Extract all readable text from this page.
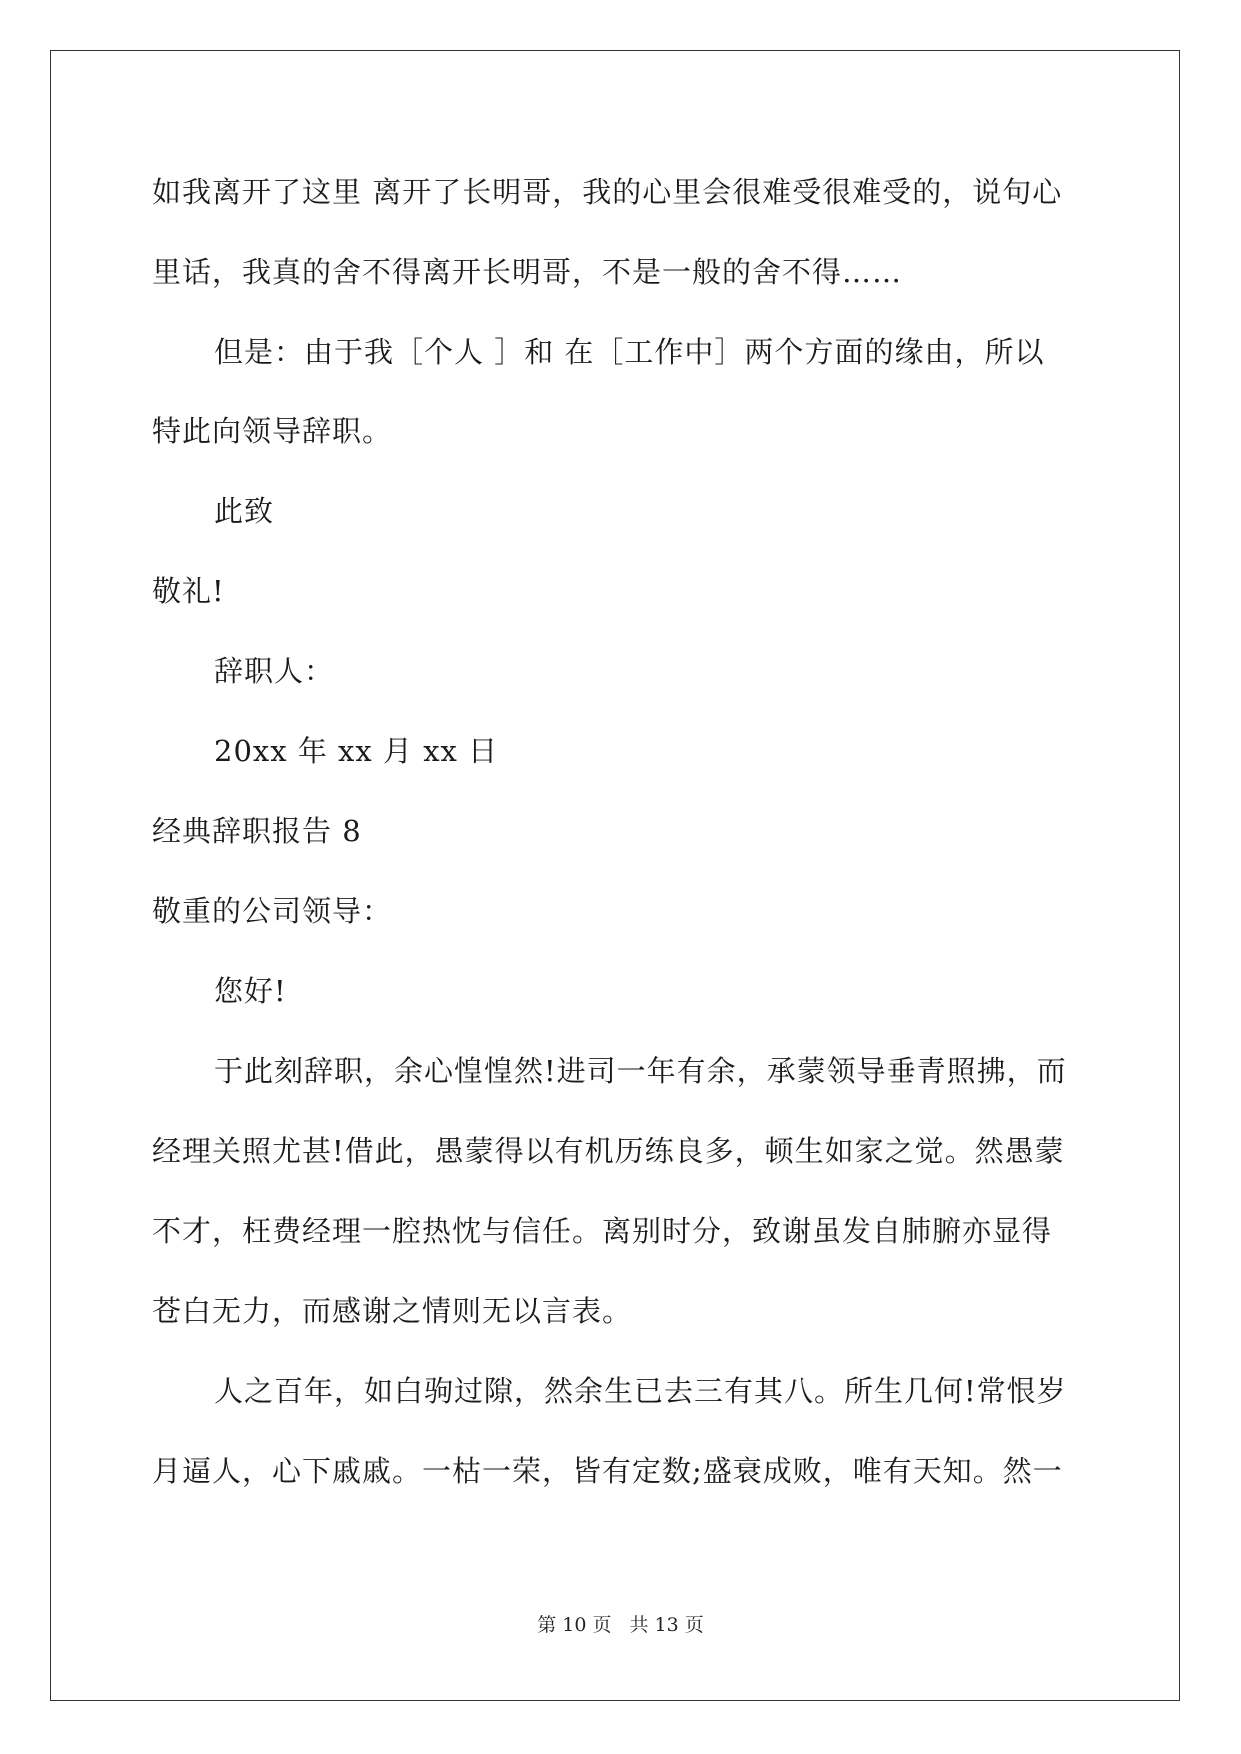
如我离开了这里 离开了长明哥，我的心里会很难受很难受的，说句心
里话，我真的舍不得离开长明哥，不是一般的舍不得……
但是：由于我［个人 ］和 在［工作中］两个方面的缘由，所以
特此向领导辞职。
此致
敬礼!
辞职人：
20xx 年 xx 月 xx 日
经典辞职报告 8
敬重的公司领导：
您好!
于此刻辞职，余心惶惶然!进司一年有余，承蒙领导垂青照拂，而
经理关照尤甚!借此，愚蒙得以有机历练良多，顿生如家之觉。然愚蒙
不才，枉费经理一腔热忱与信任。离别时分，致谢虽发自肺腑亦显得
苍白无力，而感谢之情则无以言表。
人之百年，如白驹过隙，然余生已去三有其八。所生几何!常恨岁
月逼人，心下戚戚。一枯一荣，皆有定数;盛衰成败，唯有天知。然一
第 10 页 共 13 页
